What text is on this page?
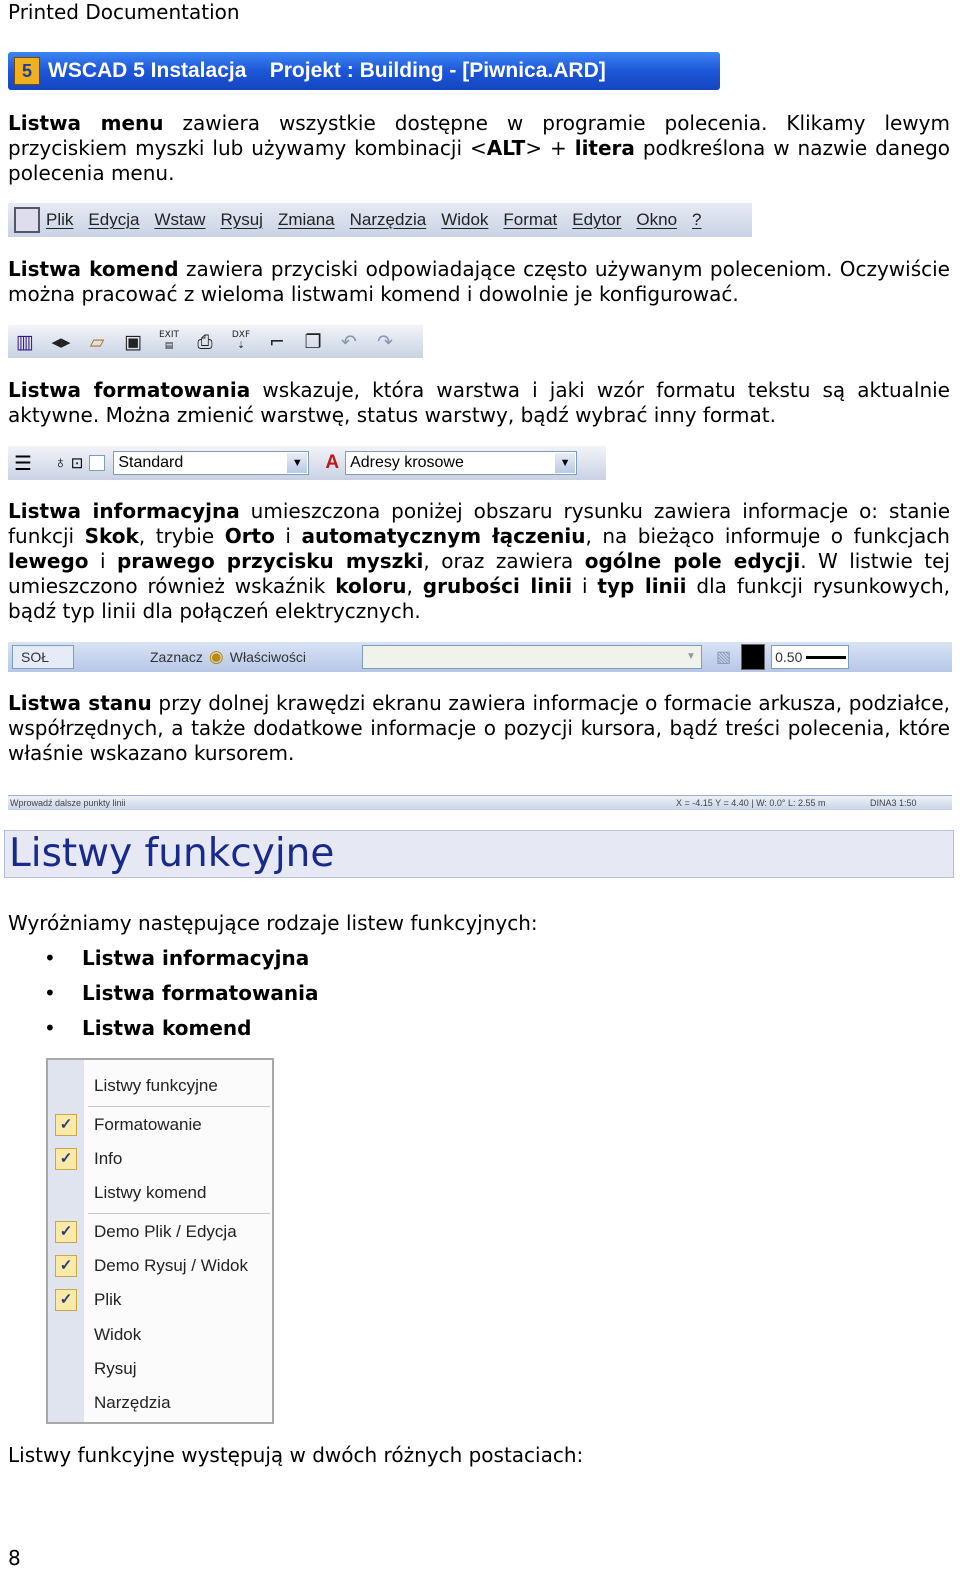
Printed Documentation
5 WSCAD 5 Instalacja    Projekt : Building - [Piwnica.ARD]
Listwa menu zawiera wszystkie dostępne w programie polecenia. Klikamy lewym przyciskiem myszki lub używamy kombinacji <ALT> + litera podkreślona w nazwie danego polecenia menu.
Plik Edycja Wstaw Rysuj Zmiana Narzędzia Widok Format Edytor Okno ?
Listwa komend zawiera przyciski odpowiadające często używanym poleceniom. Oczywiście można pracować z wieloma listwami komend i dowolnie je konfigurować.
▥ ◂▸ ▱ ▣	EXIT
▤	⎙	DXF
⇣	⌐ ❐ ↶ ↷
Listwa formatowania wskazuje, która warstwa i jaki wzór formatu tekstu są aktualnie aktywne. Można zmienić warstwę, status warstwy, bądź wybrać inny format.
☰	♁ ⊡ Standard	▼ A Adresy krosowe	▼
Listwa informacyjna umieszczona poniżej obszaru rysunku zawiera informacje o: stanie funkcji Skok, trybie Orto i automatycznym łączeniu, na bieżąco informuje o funkcjach lewego i prawego przycisku myszki, oraz zawiera ogólne pole edycji. W listwie tej umieszczono również wskaźnik koloru, grubości linii i typ linii dla funkcji rysunkowych, bądź typ linii dla połączeń elektrycznych.
SOŁ	Zaznacz ◉ Właściwości	▼ ▧	0.50
Listwa stanu przy dolnej krawędzi ekranu zawiera informacje o formacie arkusza, podziałce, współrzędnych, a także dodatkowe informacje o pozycji kursora, bądź treści polecenia, które właśnie wskazano kursorem.
Wprowadź dalsze punkty linii	X = -4.15 Y = 4.40 | W: 0.0° L: 2.55 m	DINA3 1:50
Listwy funkcyjne
Wyróżniamy następujące rodzaje listew funkcyjnych:
• Listwa informacyjna
• Listwa formatowania
• Listwa komend
Listwy funkcyjne
✓ Formatowanie
✓ Info
Listwy komend
✓ Demo Plik / Edycja
✓ Demo Rysuj / Widok
✓ Plik
Widok
Rysuj
Narzędzia
Listwy funkcyjne występują w dwóch różnych postaciach:
8
